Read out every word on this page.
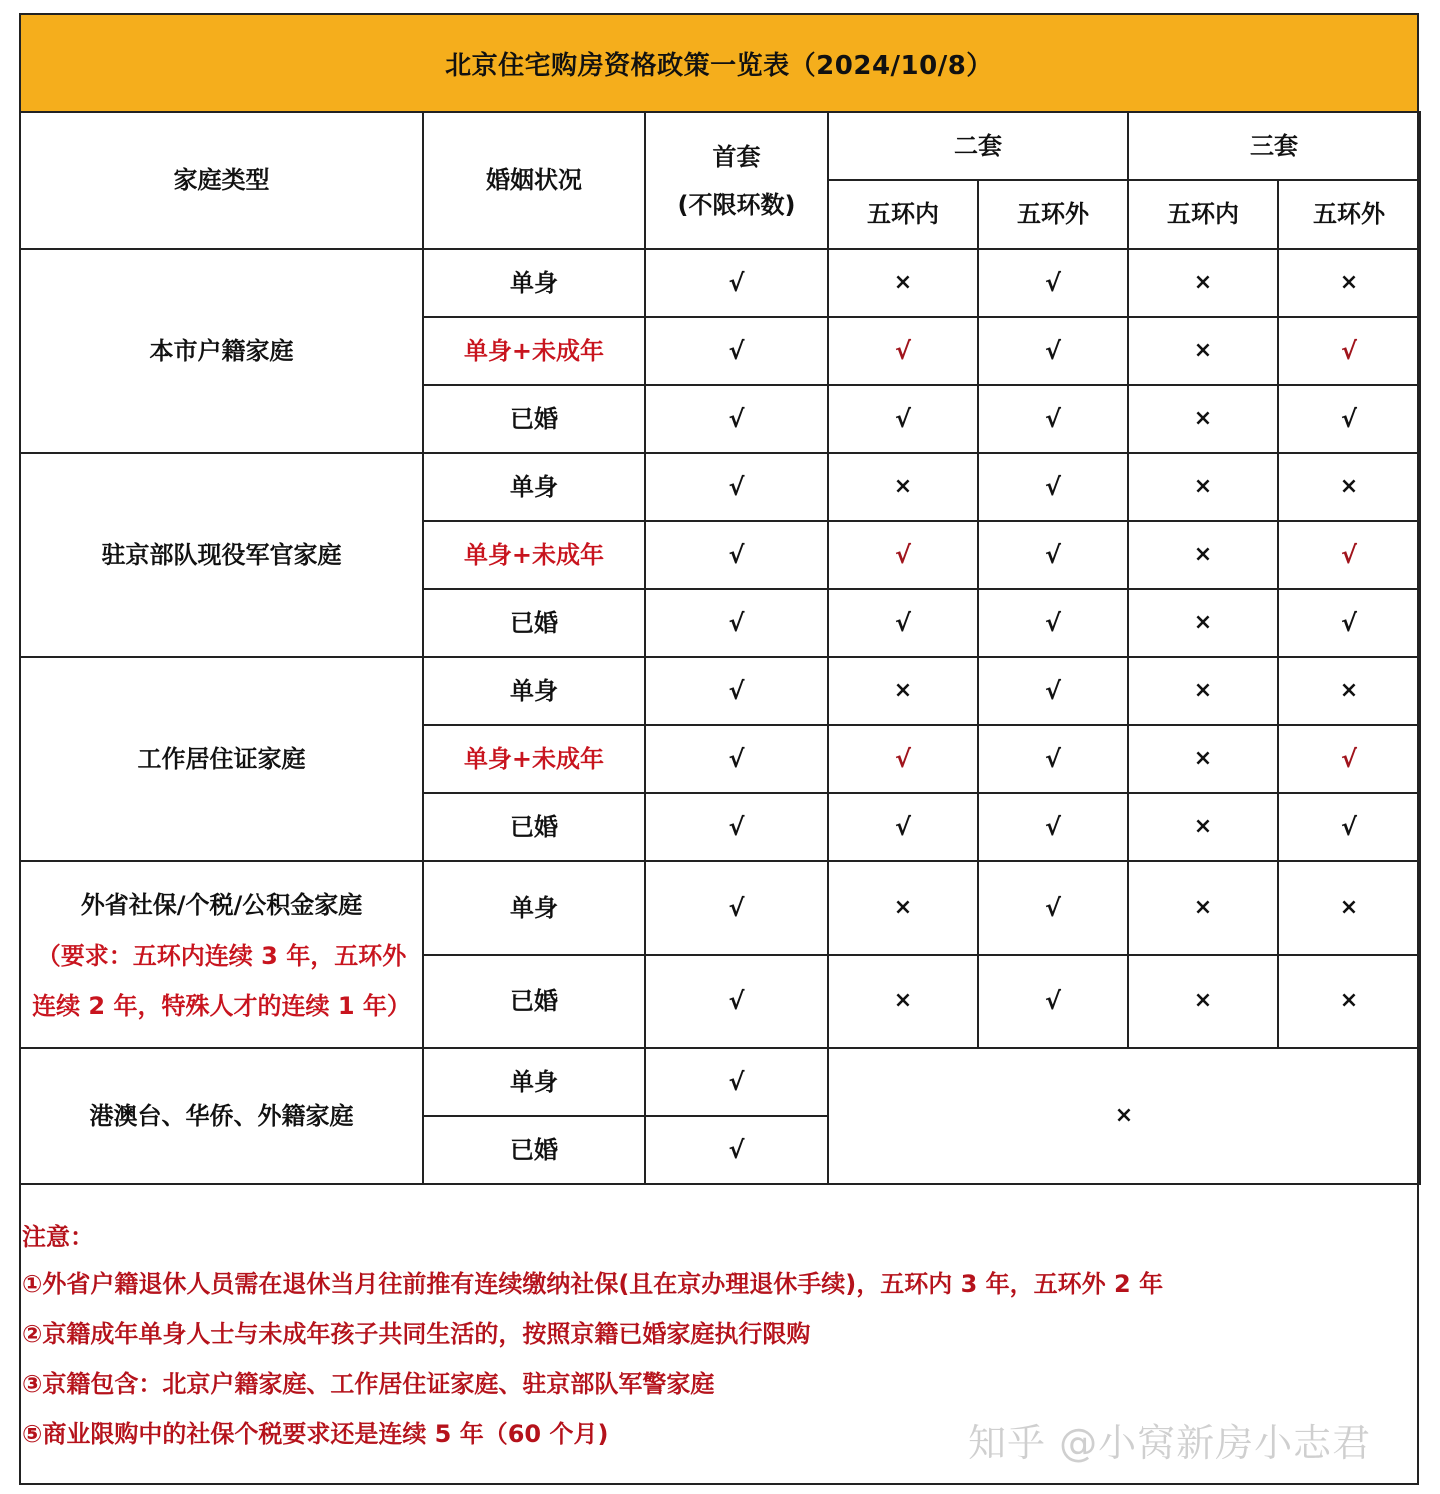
北京住宅购房资格政策一览表（2024/10/8）
家庭类型	婚姻状况	首套
(不限环数)	二套		三套	
			五环内	五环外	五环内	五环外
本市户籍家庭	单身	√	×	√	×	×
	单身+未成年	√	√	√	×	√
	已婚	√	√	√	×	√
驻京部队现役军官家庭	单身	√	×	√	×	×
	单身+未成年	√	√	√	×	√
	已婚	√	√	√	×	√
工作居住证家庭	单身	√	×	√	×	×
	单身+未成年	√	√	√	×	√
	已婚	√	√	√	×	√

外省社保/个税/公积金家庭
（要求：五环内连续 3 年，五环外
连续 2 年，特殊人才的连续 1 年）	单身	√	×	√	×	×
	已婚	√	×	√	×	×
港澳台、华侨、外籍家庭	单身	√	×			
	已婚	√				
注意：
①外省户籍退休人员需在退休当月往前推有连续缴纳社保(且在京办理退休手续)，五环内 3 年，五环外 2 年
②京籍成年单身人士与未成年孩子共同生活的，按照京籍已婚家庭执行限购
③京籍包含：北京户籍家庭、工作居住证家庭、驻京部队军警家庭
⑤商业限购中的社保个税要求还是连续 5 年（60 个月)	知乎 @小窝新房小志君
